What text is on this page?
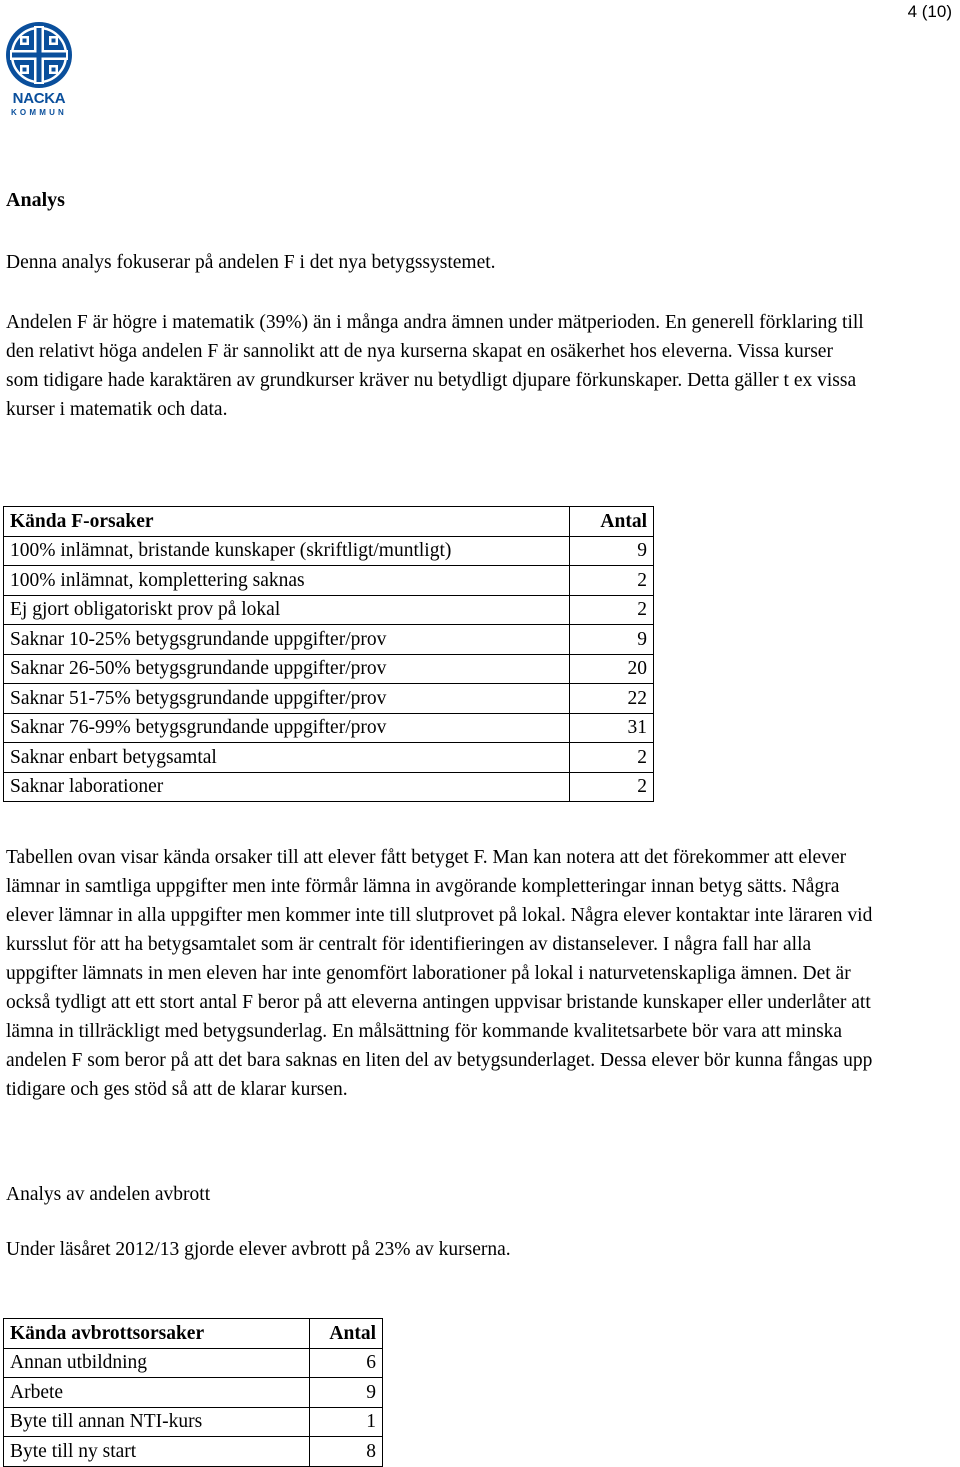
4 (10)
NACKA
KOMMUN
Analys

Denna analys fokuserar på andelen F i det nya betygssystemet.

Andelen F är högre i matematik (39%) än i många andra ämnen under mätperioden. En generell förklaring till den relativt höga andelen F är sannolikt att de nya kurserna skapat en osäkerhet hos eleverna. Vissa kurser som tidigare hade karaktären av grundkurser kräver nu betydligt djupare förkunskaper. Detta gäller t ex vissa kurser i matematik och data.

Kända F-orsaker	Antal
100% inlämnat, bristande kunskaper (skriftligt/muntligt)	9
100% inlämnat, komplettering saknas	2
Ej gjort obligatoriskt prov på lokal	2
Saknar 10-25% betygsgrundande uppgifter/prov	9
Saknar 26-50% betygsgrundande uppgifter/prov	20
Saknar 51-75% betygsgrundande uppgifter/prov	22
Saknar 76-99% betygsgrundande uppgifter/prov	31
Saknar enbart betygsamtal	2
Saknar laborationer	2

Tabellen ovan visar kända orsaker till att elever fått betyget F. Man kan notera att det förekommer att elever lämnar in samtliga uppgifter men inte förmår lämna in avgörande kompletteringar innan betyg sätts. Några elever lämnar in alla uppgifter men kommer inte till slutprovet på lokal. Några elever kontaktar inte läraren vid kursslut för att ha betygsamtalet som är centralt för identifieringen av distanselever. I några fall har alla uppgifter lämnats in men eleven har inte genomfört laborationer på lokal i naturvetenskapliga ämnen. Det är också tydligt att ett stort antal F beror på att eleverna antingen uppvisar bristande kunskaper eller underlåter att lämna in tillräckligt med betygsunderlag. En målsättning för kommande kvalitetsarbete bör vara att minska andelen F som beror på att det bara saknas en liten del av betygsunderlaget. Dessa elever bör kunna fångas upp tidigare och ges stöd så att de klarar kursen.

Analys av andelen avbrott

Under läsåret 2012/13 gjorde elever avbrott på 23% av kurserna.

Kända avbrottsorsaker	Antal
Annan utbildning	6
Arbete	9
Byte till annan NTI-kurs	1
Byte till ny start	8
